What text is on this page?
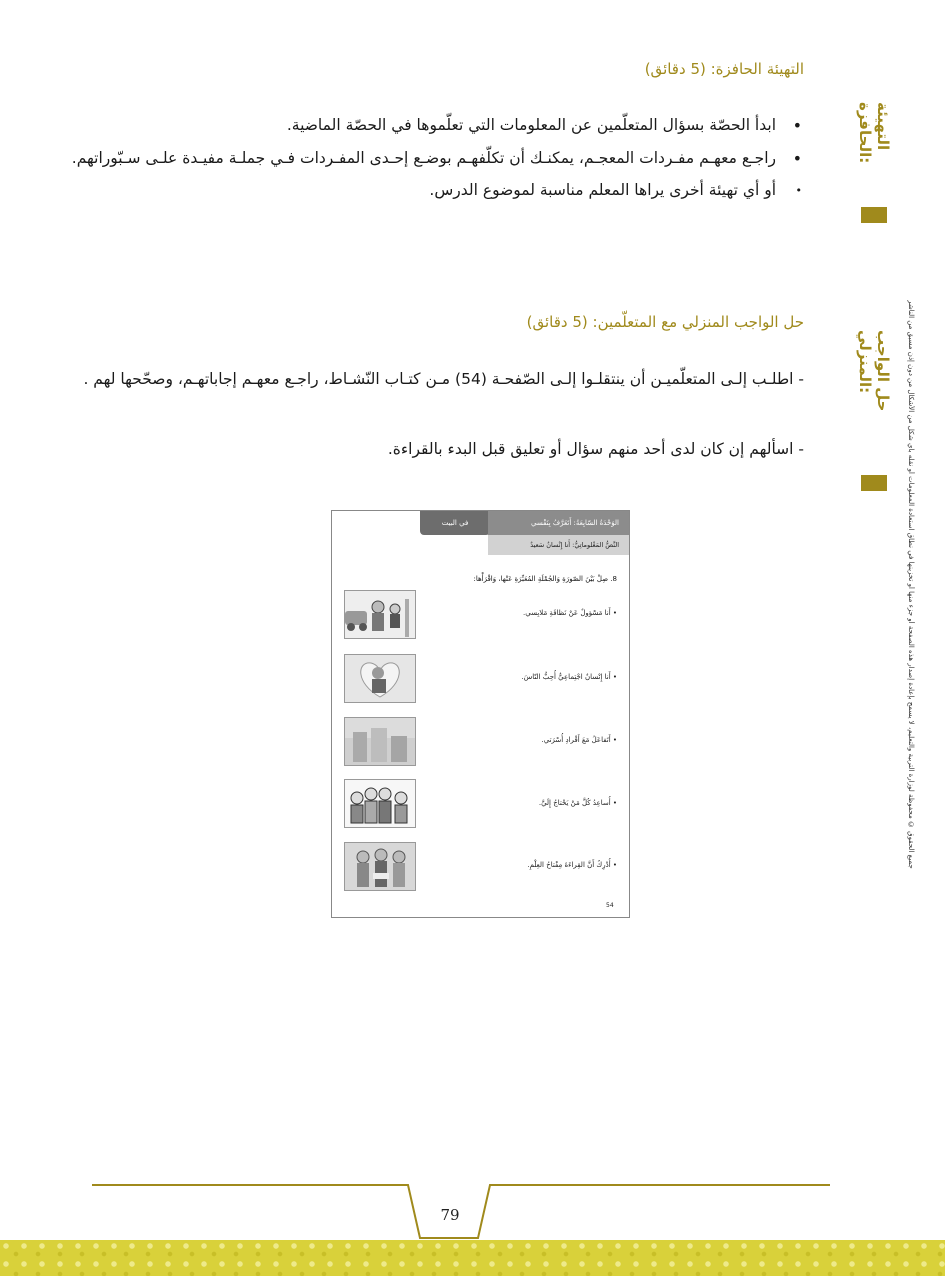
التهيئة الحافزة: (5 دقائق)
•
ابدأ الحصّة بسؤال المتعلّمين عن المعلومات التي تعلّموها في الحصّة الماضية.
•
راجـع معهـم مفـردات المعجـم، يمكنـك أن تكلّفهـم بوضـع إحـدى المفـردات فـي جملـة مفيـدة علـى سـبّوراتهم.
•
أو أي تهيئة أخرى يراها المعلم مناسبة لموضوع الدرس.
حل الواجب المنزلي مع المتعلّمين: (5 دقائق)
- اطلـب إلـى المتعلّميـن أن ينتقلـوا إلـى الصّفحـة (54) مـن كتـاب النّشـاط، راجـع معهـم إجاباتهـم، وصحّحها لهم .
- اسألهم إن كان لدى أحد منهم سؤال أو تعليق قبل البدء بالقراءة.
التهيئة الحافزة:
حل الواجب المنزلي:	جميع الحقوق © محفوظة لوزارة التربية والتعليم، لا يسمح بإعادة إصدار هذه الصفحة أو جزء منها أو تخزينها في نطاق استعادة المعلومات أو نقله بأي شكل من الأشكال من دون إذن مسبق من الناشر
في البيت	الوَحْدَةُ السّابِعَةُ: أَتَعَرَّفُ بِنَفْسي
النَّصُّ المَعْلوماتِيُّ: أَنا إِنْسانٌ سَعيدٌ
8. صِلْ بَيْنَ الصّورَةِ وَالجُمْلَةِ المُعَبِّرَةِ عَنْها، وَاقْرَأْها:
• أَنا مَسْؤولٌ عَنْ نَظافَةِ مَلابِسي.
• أَنا إِنْسانٌ اجْتِماعِيٌّ أُحِبُّ النّاسَ.
• أَتَفاعَلُ مَعَ أَفْرادِ أُسْرَتي.
• أُساعِدُ كُلَّ مَنْ يَحْتاجُ إِلَيَّ.
• أُدْرِكُ أَنَّ القِراءَةَ مِفْتاحُ العِلْمِ.
54
79
